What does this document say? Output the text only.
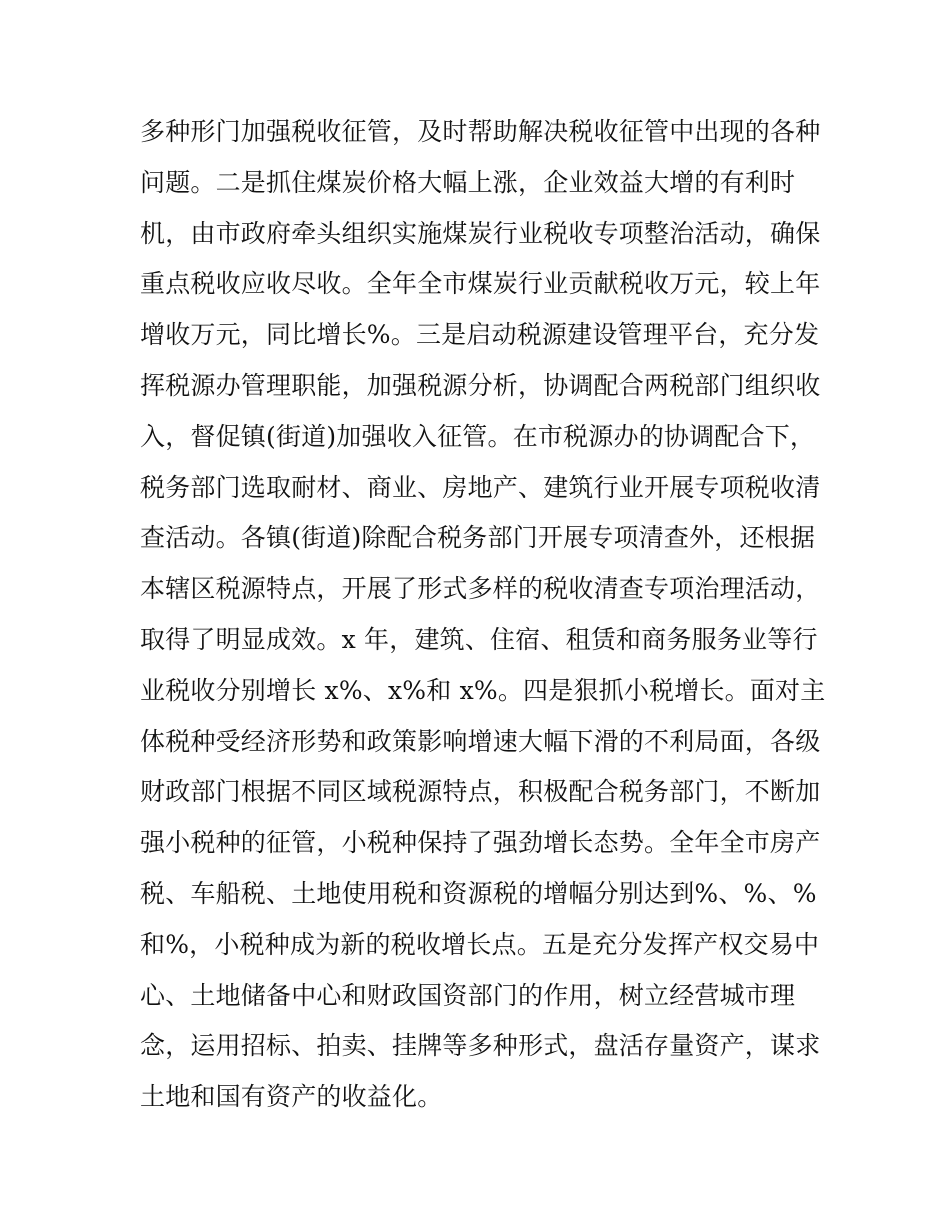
多种形门加强税收征管，及时帮助解决税收征管中出现的各种

问题。二是抓住煤炭价格大幅上涨，企业效益大增的有利时

机，由市政府牵头组织实施煤炭行业税收专项整治活动，确保

重点税收应收尽收。全年全市煤炭行业贡献税收万元，较上年

增收万元，同比增长%。三是启动税源建设管理平台，充分发

挥税源办管理职能，加强税源分析，协调配合两税部门组织收

入，督促镇(街道)加强收入征管。在市税源办的协调配合下，

税务部门选取耐材、商业、房地产、建筑行业开展专项税收清

查活动。各镇(街道)除配合税务部门开展专项清查外，还根据

本辖区税源特点，开展了形式多样的税收清查专项治理活动，

取得了明显成效。x 年，建筑、住宿、租赁和商务服务业等行

业税收分别增长 x%、x%和 x%。四是狠抓小税增长。面对主

体税种受经济形势和政策影响增速大幅下滑的不利局面，各级

财政部门根据不同区域税源特点，积极配合税务部门，不断加

强小税种的征管，小税种保持了强劲增长态势。全年全市房产

税、车船税、土地使用税和资源税的增幅分别达到%、%、%

和%，小税种成为新的税收增长点。五是充分发挥产权交易中

心、土地储备中心和财政国资部门的作用，树立经营城市理

念，运用招标、拍卖、挂牌等多种形式，盘活存量资产，谋求

土地和国有资产的收益化。
